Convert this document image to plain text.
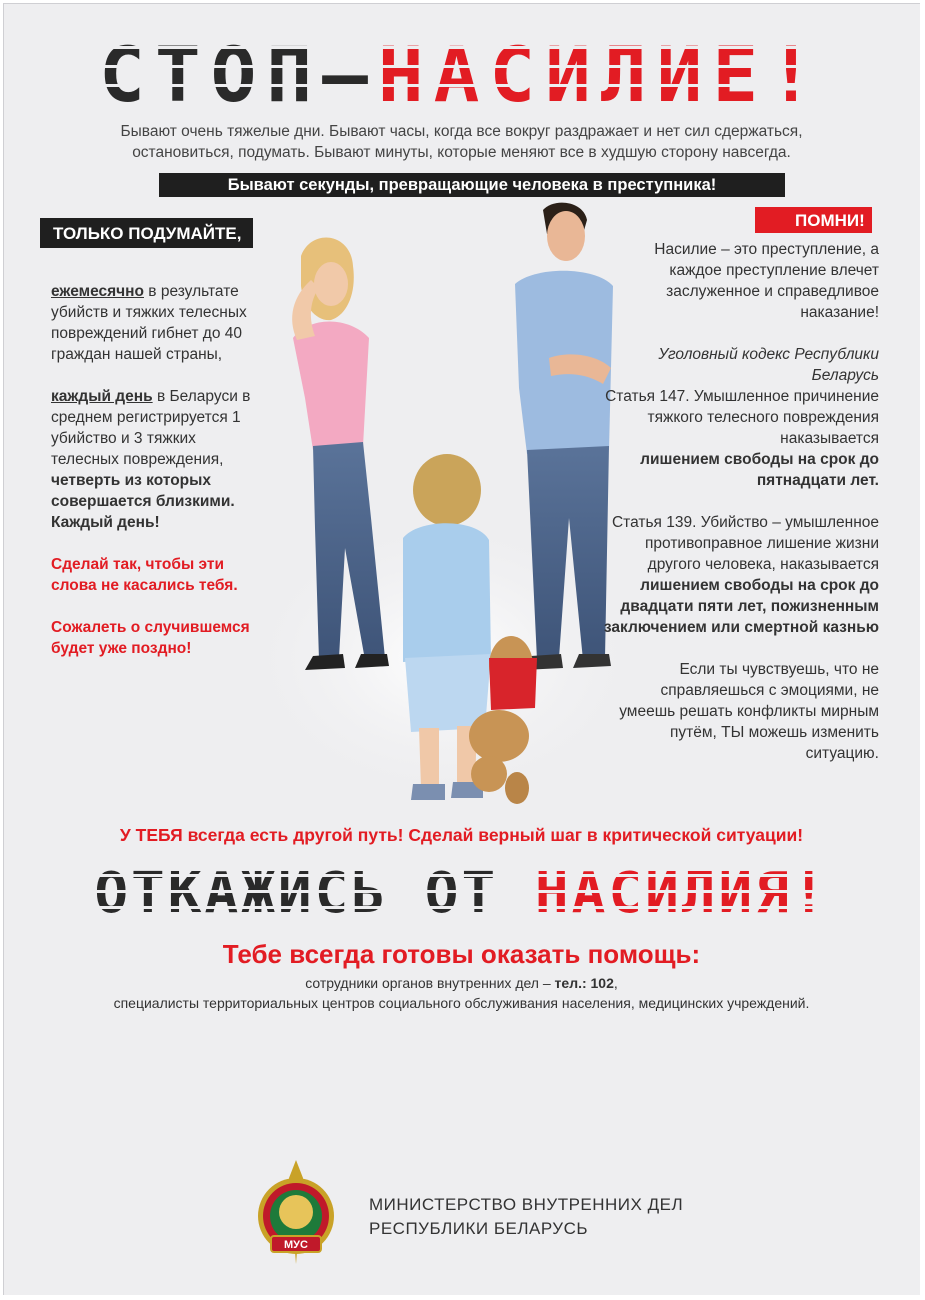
СТОП–НАСИЛИЕ!
Бывают очень тяжелые дни. Бывают часы, когда все вокруг раздражает и нет сил сдержаться,
остановиться, подумать. Бывают минуты, которые меняют все в худшую сторону навсегда.
Бывают секунды, превращающие человека в преступника!
ТОЛЬКО ПОДУМАЙТЕ,
ПОМНИ!

ежемесячно в результате убийств и тяжких телесных повреждений гибнет до 40 граждан нашей страны,

каждый день в Беларуси в среднем регистрируется 1 убийство и 3 тяжких телесных повреждения, четверть из которых совершается близкими. Каждый день!

Сделай так, чтобы эти слова не касались тебя.

Сожалеть о случившемся будет уже поздно!

Насилие – это преступление, а каждое преступление влечет заслуженное и справедливое наказание!

Уголовный кодекс Республики Беларусь
Статья 147. Умышленное причинение тяжкого телесного повреждения наказывается

лишением свободы на срок до пятнадцати лет.

Статья 139. Убийство – умышленное противоправное лишение жизни другого человека, наказывается

лишением свободы на срок до двадцати пяти лет, пожизненным заключением или смертной казнью

Если ты чувствуешь, что не справляешься с эмоциями, не умеешь решать конфликты мирным путём, ТЫ можешь изменить ситуацию.

У ТЕБЯ всегда есть другой путь! Сделай верный шаг в критической ситуации!
ОТКАЖИСЬ ОТ НАСИЛИЯ!
Тебе всегда готовы оказать помощь:
сотрудники органов внутренних дел – тел.: 102,
специалисты территориальных центров социального обслуживания населения, медицинских учреждений.
МУС
МИНИСТЕРСТВО ВНУТРЕННИХ ДЕЛ
РЕСПУБЛИКИ БЕЛАРУСЬ
